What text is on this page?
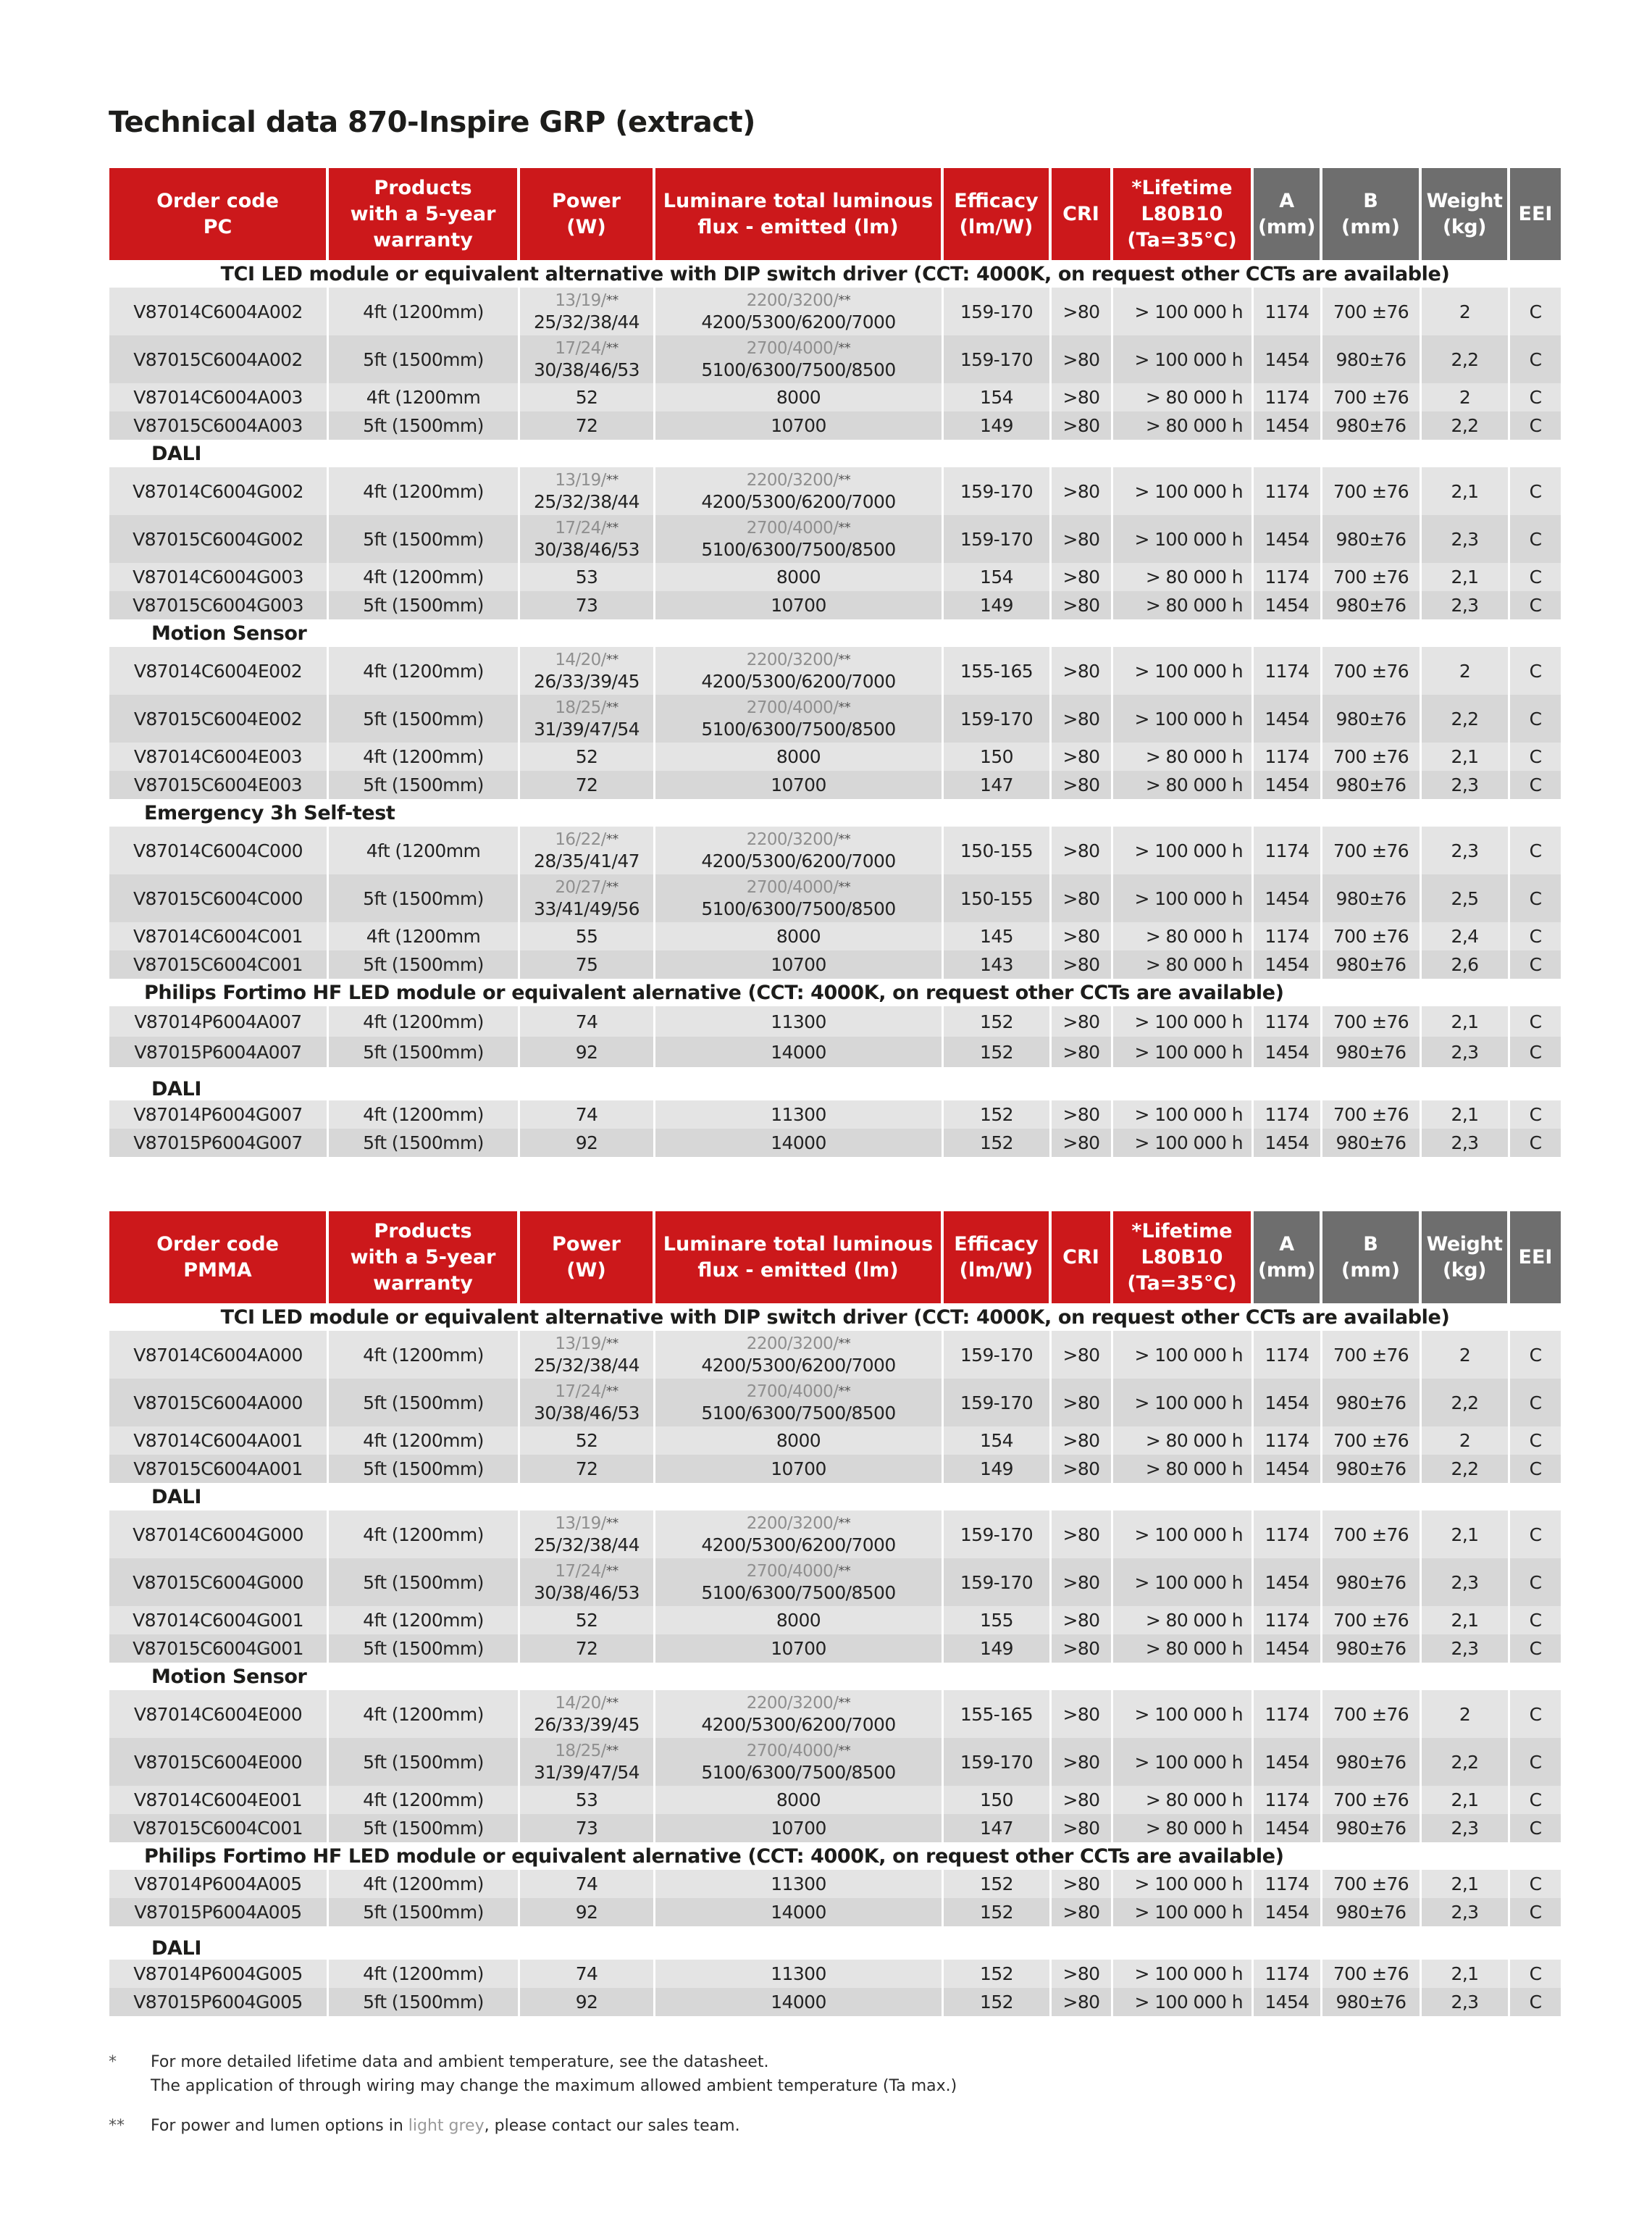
Technical data 870-Inspire GRP (extract)
Order code
PC	Products
with a 5-year
warranty	Power
(W)	Luminare total luminous
flux - emitted (lm)	Efficacy
(lm/W)	CRI	*Lifetime
L80B10
(Ta=35°C)	A
(mm)	B
(mm)	Weight
(kg)	EEI
TCI LED module or equivalent alternative with DIP switch driver (CCT: 4000K, on request other CCTs are available)
V87014C6004A002	4ft (1200mm)	
13/19/**
25/32/38/44

2200/3200/**
4200/5300/6200/7000	159-170	>80	> 100 000 h	1174	700 ±76	2	C
V87015C6004A002	5ft (1500mm)	
17/24/**
30/38/46/53

2700/4000/**
5100/6300/7500/8500	159-170	>80	> 100 000 h	1454	980±76	2,2	C
V87014C6004A003	4ft (1200mm	52	8000	154	>80	> 80 000 h	1174	700 ±76	2	C
V87015C6004A003	5ft (1500mm)	72	10700	149	>80	> 80 000 h	1454	980±76	2,2	C
DALI
V87014C6004G002	4ft (1200mm)	
13/19/**
25/32/38/44

2200/3200/**
4200/5300/6200/7000	159-170	>80	> 100 000 h	1174	700 ±76	2,1	C
V87015C6004G002	5ft (1500mm)	
17/24/**
30/38/46/53

2700/4000/**
5100/6300/7500/8500	159-170	>80	> 100 000 h	1454	980±76	2,3	C
V87014C6004G003	4ft (1200mm)	53	8000	154	>80	> 80 000 h	1174	700 ±76	2,1	C
V87015C6004G003	5ft (1500mm)	73	10700	149	>80	> 80 000 h	1454	980±76	2,3	C
Motion Sensor
V87014C6004E002	4ft (1200mm)	
14/20/**
26/33/39/45

2200/3200/**
4200/5300/6200/7000	155-165	>80	> 100 000 h	1174	700 ±76	2	C
V87015C6004E002	5ft (1500mm)	
18/25/**
31/39/47/54

2700/4000/**
5100/6300/7500/8500	159-170	>80	> 100 000 h	1454	980±76	2,2	C
V87014C6004E003	4ft (1200mm)	52	8000	150	>80	> 80 000 h	1174	700 ±76	2,1	C
V87015C6004E003	5ft (1500mm)	72	10700	147	>80	> 80 000 h	1454	980±76	2,3	C
Emergency 3h Self-test
V87014C6004C000	4ft (1200mm	
16/22/**
28/35/41/47

2200/3200/**
4200/5300/6200/7000	150-155	>80	> 100 000 h	1174	700 ±76	2,3	C
V87015C6004C000	5ft (1500mm)	
20/27/**
33/41/49/56

2700/4000/**
5100/6300/7500/8500	150-155	>80	> 100 000 h	1454	980±76	2,5	C
V87014C6004C001	4ft (1200mm	55	8000	145	>80	> 80 000 h	1174	700 ±76	2,4	C
V87015C6004C001	5ft (1500mm)	75	10700	143	>80	> 80 000 h	1454	980±76	2,6	C
Philips Fortimo HF LED module or equivalent alernative (CCT: 4000K, on request other CCTs are available)
V87014P6004A007	4ft (1200mm)	74	11300	152	>80	> 100 000 h	1174	700 ±76	2,1	C
V87015P6004A007	5ft (1500mm)	92	14000	152	>80	> 100 000 h	1454	980±76	2,3	C
DALI
V87014P6004G007	4ft (1200mm)	74	11300	152	>80	> 100 000 h	1174	700 ±76	2,1	C
V87015P6004G007	5ft (1500mm)	92	14000	152	>80	> 100 000 h	1454	980±76	2,3	C
Order code
PMMA	Products
with a 5-year
warranty	Power
(W)	Luminare total luminous
flux - emitted (lm)	Efficacy
(lm/W)	CRI	*Lifetime
L80B10
(Ta=35°C)	A
(mm)	B
(mm)	Weight
(kg)	EEI
TCI LED module or equivalent alternative with DIP switch driver (CCT: 4000K, on request other CCTs are available)
V87014C6004A000	4ft (1200mm)	
13/19/**
25/32/38/44

2200/3200/**
4200/5300/6200/7000	159-170	>80	> 100 000 h	1174	700 ±76	2	C
V87015C6004A000	5ft (1500mm)	
17/24/**
30/38/46/53

2700/4000/**
5100/6300/7500/8500	159-170	>80	> 100 000 h	1454	980±76	2,2	C
V87014C6004A001	4ft (1200mm)	52	8000	154	>80	> 80 000 h	1174	700 ±76	2	C
V87015C6004A001	5ft (1500mm)	72	10700	149	>80	> 80 000 h	1454	980±76	2,2	C
DALI
V87014C6004G000	4ft (1200mm)	
13/19/**
25/32/38/44

2200/3200/**
4200/5300/6200/7000	159-170	>80	> 100 000 h	1174	700 ±76	2,1	C
V87015C6004G000	5ft (1500mm)	
17/24/**
30/38/46/53

2700/4000/**
5100/6300/7500/8500	159-170	>80	> 100 000 h	1454	980±76	2,3	C
V87014C6004G001	4ft (1200mm)	52	8000	155	>80	> 80 000 h	1174	700 ±76	2,1	C
V87015C6004G001	5ft (1500mm)	72	10700	149	>80	> 80 000 h	1454	980±76	2,3	C
Motion Sensor
V87014C6004E000	4ft (1200mm)	
14/20/**
26/33/39/45

2200/3200/**
4200/5300/6200/7000	155-165	>80	> 100 000 h	1174	700 ±76	2	C
V87015C6004E000	5ft (1500mm)	
18/25/**
31/39/47/54

2700/4000/**
5100/6300/7500/8500	159-170	>80	> 100 000 h	1454	980±76	2,2	C
V87014C6004E001	4ft (1200mm)	53	8000	150	>80	> 80 000 h	1174	700 ±76	2,1	C
V87015C6004C001	5ft (1500mm)	73	10700	147	>80	> 80 000 h	1454	980±76	2,3	C
Philips Fortimo HF LED module or equivalent alernative (CCT: 4000K, on request other CCTs are available)
V87014P6004A005	4ft (1200mm)	74	11300	152	>80	> 100 000 h	1174	700 ±76	2,1	C
V87015P6004A005	5ft (1500mm)	92	14000	152	>80	> 100 000 h	1454	980±76	2,3	C
DALI
V87014P6004G005	4ft (1200mm)	74	11300	152	>80	> 100 000 h	1174	700 ±76	2,1	C
V87015P6004G005	5ft (1500mm)	92	14000	152	>80	> 100 000 h	1454	980±76	2,3	C
* For more detailed lifetime data and ambient temperature, see the datasheet.
The application of through wiring may change the maximum allowed ambient temperature (Ta max.)
** For power and lumen options in light grey, please contact our sales team.
